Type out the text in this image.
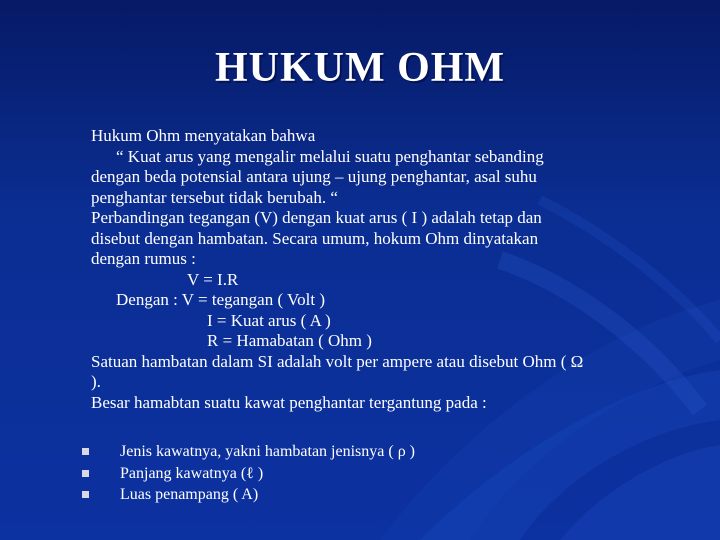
HUKUM OHM
Hukum Ohm menyatakan bahwa
“ Kuat arus yang mengalir melalui suatu penghantar sebanding
dengan beda potensial antara ujung – ujung penghantar, asal suhu
penghantar tersebut tidak berubah. “
Perbandingan tegangan (V) dengan kuat arus ( I ) adalah tetap dan
disebut dengan hambatan. Secara umum, hokum Ohm dinyatakan
dengan rumus :
V = I.R
Dengan : V = tegangan ( Volt )
I = Kuat arus ( A )
R = Hamabatan ( Ohm )
Satuan hambatan dalam SI adalah volt per ampere atau disebut Ohm ( Ω
).
Besar hamabtan suatu kawat penghantar tergantung pada :
Jenis kawatnya, yakni hambatan jenisnya ( ρ )
Panjang kawatnya (ℓ )
Luas penampang ( A)
